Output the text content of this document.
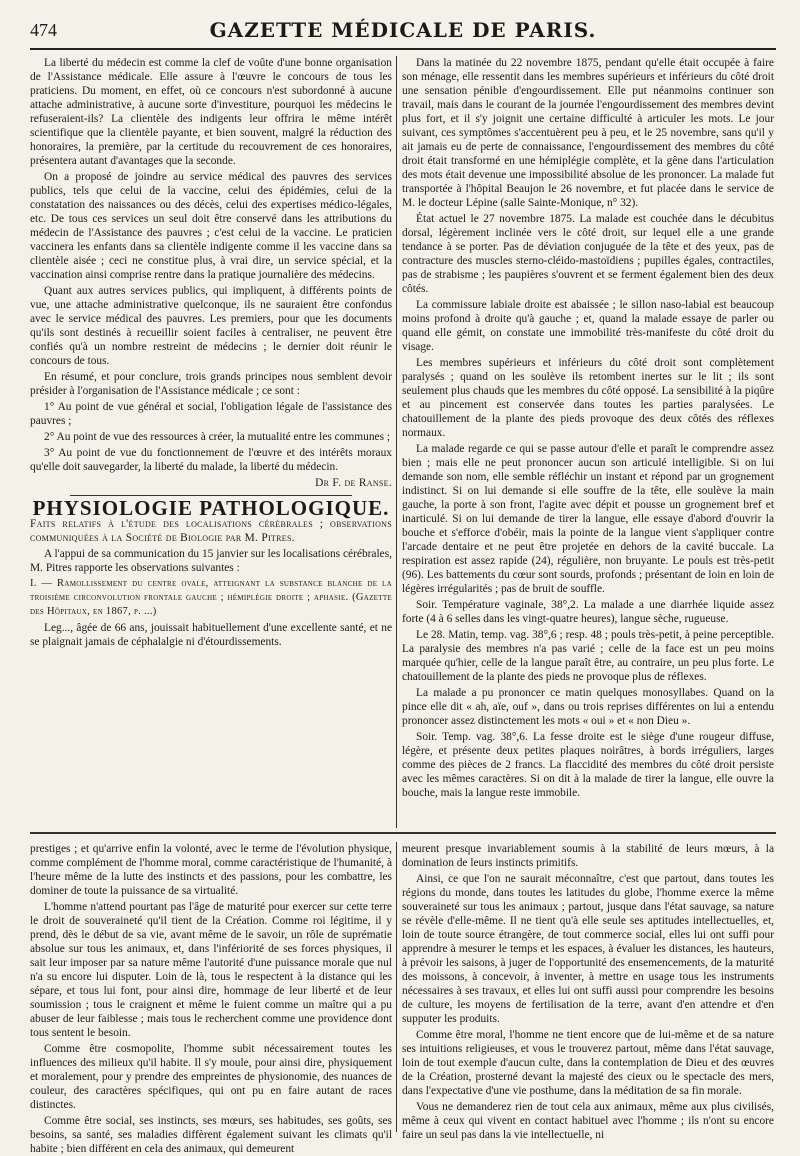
474	GAZETTE MÉDICALE DE PARIS.

La liberté du médecin est comme la clef de voûte d'une bonne organisation de l'Assistance médicale. Elle assure à l'œuvre le concours de tous les praticiens. Du moment, en effet, où ce concours n'est subordonné à aucune attache administrative, à aucune sorte d'investiture, pourquoi les médecins le refuseraient-ils? La clientèle des indigents leur offrira le même intérêt scientifique que la clientèle payante, et bien souvent, malgré la réduction des honoraires, la première, par la certitude du recouvrement de ces honoraires, présentera autant d'avantages que la seconde.

On a proposé de joindre au service médical des pauvres des services publics, tels que celui de la vaccine, celui des épidémies, celui de la constatation des naissances ou des décès, celui des expertises médico-légales, etc. De tous ces services un seul doit être conservé dans les attributions du médecin de l'Assistance des pauvres ; c'est celui de la vaccine. Le praticien vaccinera les enfants dans sa clientèle indigente comme il les vaccine dans sa clientèle aisée ; ceci ne constitue plus, à vrai dire, un service spécial, et la vaccination ainsi comprise rentre dans la pratique journalière des médecins.

Quant aux autres services publics, qui impliquent, à différents points de vue, une attache administrative quelconque, ils ne sauraient être confondus avec le service médical des pauvres. Les premiers, pour que les documents qu'ils sont destinés à recueillir soient faciles à centraliser, ne peuvent être confiés qu'à un nombre restreint de médecins ; le dernier doit réunir le concours de tous.

En résumé, et pour conclure, trois grands principes nous semblent devoir présider à l'organisation de l'Assistance médicale ; ce sont :

1° Au point de vue général et social, l'obligation légale de l'assistance des pauvres ;

2° Au point de vue des ressources à créer, la mutualité entre les communes ;

3° Au point de vue du fonctionnement de l'œuvre et des intérêts moraux qu'elle doit sauvegarder, la liberté du malade, la liberté du médecin.

Dr F. de Ranse.

PHYSIOLOGIE PATHOLOGIQUE.

Faits relatifs à l'étude des localisations cérébrales ; observations communiquées à la Société de Biologie par M. Pitres.

A l'appui de sa communication du 15 janvier sur les localisations cérébrales, M. Pitres rapporte les observations suivantes :

I. — Ramollissement du centre ovale, atteignant la substance blanche de la troisième circonvolution frontale gauche ; hémiplégie droite ; aphasie. (Gazette des Hôpitaux, en 1867, p. ...)

Leg..., âgée de 66 ans, jouissait habituellement d'une excellente santé, et ne se plaignait jamais de céphalalgie ni d'étourdissements.

Dans la matinée du 22 novembre 1875, pendant qu'elle était occupée à faire son ménage, elle ressentit dans les membres supérieurs et inférieurs du côté droit une sensation pénible d'engourdissement. Elle put néanmoins continuer son travail, mais dans le courant de la journée l'engourdissement des membres devint plus fort, et il s'y joignit une certaine difficulté à articuler les mots. Le jour suivant, ces symptômes s'accentuèrent peu à peu, et le 25 novembre, sans qu'il y ait jamais eu de perte de connaissance, l'engourdissement des membres du côté droit était transformé en une hémiplégie complète, et la gêne dans l'articulation des mots était devenue une impossibilité absolue de les prononcer. La malade fut transportée à l'hôpital Beaujon le 26 novembre, et fut placée dans le service de M. le docteur Lépine (salle Sainte-Monique, n° 32).

État actuel le 27 novembre 1875. La malade est couchée dans le décubitus dorsal, légèrement inclinée vers le côté droit, sur lequel elle a une grande tendance à se porter. Pas de déviation conjuguée de la tête et des yeux, pas de contracture des muscles sterno-cléido-mastoïdiens ; pupilles égales, contractiles, pas de strabisme ; les paupières s'ouvrent et se ferment également bien des deux côtés.

La commissure labiale droite est abaissée ; le sillon naso-labial est beaucoup moins profond à droite qu'à gauche ; et, quand la malade essaye de parler ou quand elle gémit, on constate une immobilité très-manifeste du côté droit du visage.

Les membres supérieurs et inférieurs du côté droit sont complètement paralysés ; quand on les soulève ils retombent inertes sur le lit ; ils sont seulement plus chauds que les membres du côté opposé. La sensibilité à la piqûre et au pincement est conservée dans toutes les parties paralysées. Le chatouillement de la plante des pieds provoque des deux côtés des réflexes normaux.

La malade regarde ce qui se passe autour d'elle et paraît le comprendre assez bien ; mais elle ne peut prononcer aucun son articulé intelligible. Si on lui demande son nom, elle semble réfléchir un instant et répond par un grognement indistinct. Si on lui demande si elle souffre de la tête, elle soulève la main gauche, la porte à son front, l'agite avec dépit et pousse un grognement bref et inarticulé. Si on lui demande de tirer la langue, elle essaye d'abord d'ouvrir la bouche et s'efforce d'obéir, mais la pointe de la langue vient s'appliquer contre l'arcade dentaire et ne peut être projetée en dehors de la cavité buccale. La respiration est assez rapide (24), régulière, non bruyante. Le pouls est très-petit (96). Les battements du cœur sont sourds, profonds ; présentant de loin en loin de légères irrégularités ; pas de bruit de souffle.

Soir. Température vaginale, 38°,2. La malade a une diarrhée liquide assez forte (4 à 6 selles dans les vingt-quatre heures), langue sèche, rugueuse.

Le 28. Matin, temp. vag. 38°,6 ; resp. 48 ; pouls très-petit, à peine perceptible. La paralysie des membres n'a pas varié ; celle de la face est un peu moins marquée qu'hier, celle de la langue paraît être, au contraire, un peu plus forte. Le chatouillement de la plante des pieds ne provoque plus de réflexes.

La malade a pu prononcer ce matin quelques monosyllabes. Quand on la pince elle dit « ah, aïe, ouf », dans ou trois reprises différentes on lui a entendu prononcer assez distinctement les mots « oui » et « non Dieu ».

Soir. Temp. vag. 38°,6. La fesse droite est le siège d'une rougeur diffuse, légère, et présente deux petites plaques noirâtres, à bords irréguliers, larges comme des pièces de 2 francs. La flaccidité des membres du côté droit persiste avec les mêmes caractères. Si on dit à la malade de tirer la langue, elle ouvre la bouche, mais la langue reste immobile.

prestiges ; et qu'arrive enfin la volonté, avec le terme de l'évolution physique, comme complément de l'homme moral, comme caractéristique de l'humanité, à l'heure même de la lutte des instincts et des passions, pour les combattre, les dominer de toute la puissance de sa virtualité.

L'homme n'attend pourtant pas l'âge de maturité pour exercer sur cette terre le droit de souveraineté qu'il tient de la Création. Comme roi légitime, il y prend, dès le début de sa vie, avant même de le savoir, un rôle de suprématie absolue sur tous les animaux, et, dans l'infériorité de ses forces physiques, il sait leur imposer par sa nature même l'autorité d'une puissance morale que nul n'a su encore lui disputer. Loin de là, tous le respectent à la distance qui les sépare, et tous lui font, pour ainsi dire, hommage de leur liberté et de leur soumission ; tous le craignent et même le fuient comme un maître qui a pu abuser de leur faiblesse ; mais tous le recherchent comme une providence dont tous sentent le besoin.

Comme être cosmopolite, l'homme subit nécessairement toutes les influences des milieux qu'il habite. Il s'y moule, pour ainsi dire, physiquement et moralement, pour y prendre des empreintes de physionomie, des nuances de couleur, des caractères spécifiques, qui ont pu en faire autant de races distinctes.

Comme être social, ses instincts, ses mœurs, ses habitudes, ses goûts, ses besoins, sa santé, ses maladies diffèrent également suivant les climats qu'il habite ; bien différent en cela des animaux, qui demeurent

meurent presque invariablement soumis à la stabilité de leurs mœurs, à la domination de leurs instincts primitifs.

Ainsi, ce que l'on ne saurait méconnaître, c'est que partout, dans toutes les régions du monde, dans toutes les latitudes du globe, l'homme exerce la même souveraineté sur tous les animaux ; partout, jusque dans l'état sauvage, sa nature se révèle d'elle-même. Il ne tient qu'à elle seule ses aptitudes intellectuelles, et, loin de toute source étrangère, de tout commerce social, elles lui ont suffi pour apprendre à mesurer le temps et les espaces, à évaluer les distances, les hauteurs, à prévoir les saisons, à juger de l'opportunité des ensemencements, de la maturité des moissons, à concevoir, à inventer, à mettre en usage tous les instruments nécessaires à ses travaux, et elles lui ont suffi aussi pour comprendre les besoins de culture, les moyens de fertilisation de la terre, avant d'en attendre et d'en supputer les produits.

Comme être moral, l'homme ne tient encore que de lui-même et de sa nature ses intuitions religieuses, et vous le trouverez partout, même dans l'état sauvage, loin de tout exemple d'aucun culte, dans la contemplation de Dieu et des œuvres de la Création, prosterné devant la majesté des cieux ou le spectacle des mers, dans l'expectative d'une vie posthume, dans la méditation de sa fin morale.

Vous ne demanderez rien de tout cela aux animaux, même aux plus civilisés, même à ceux qui vivent en contact habituel avec l'homme ; ils n'ont su encore faire un seul pas dans la vie intellectuelle, ni
